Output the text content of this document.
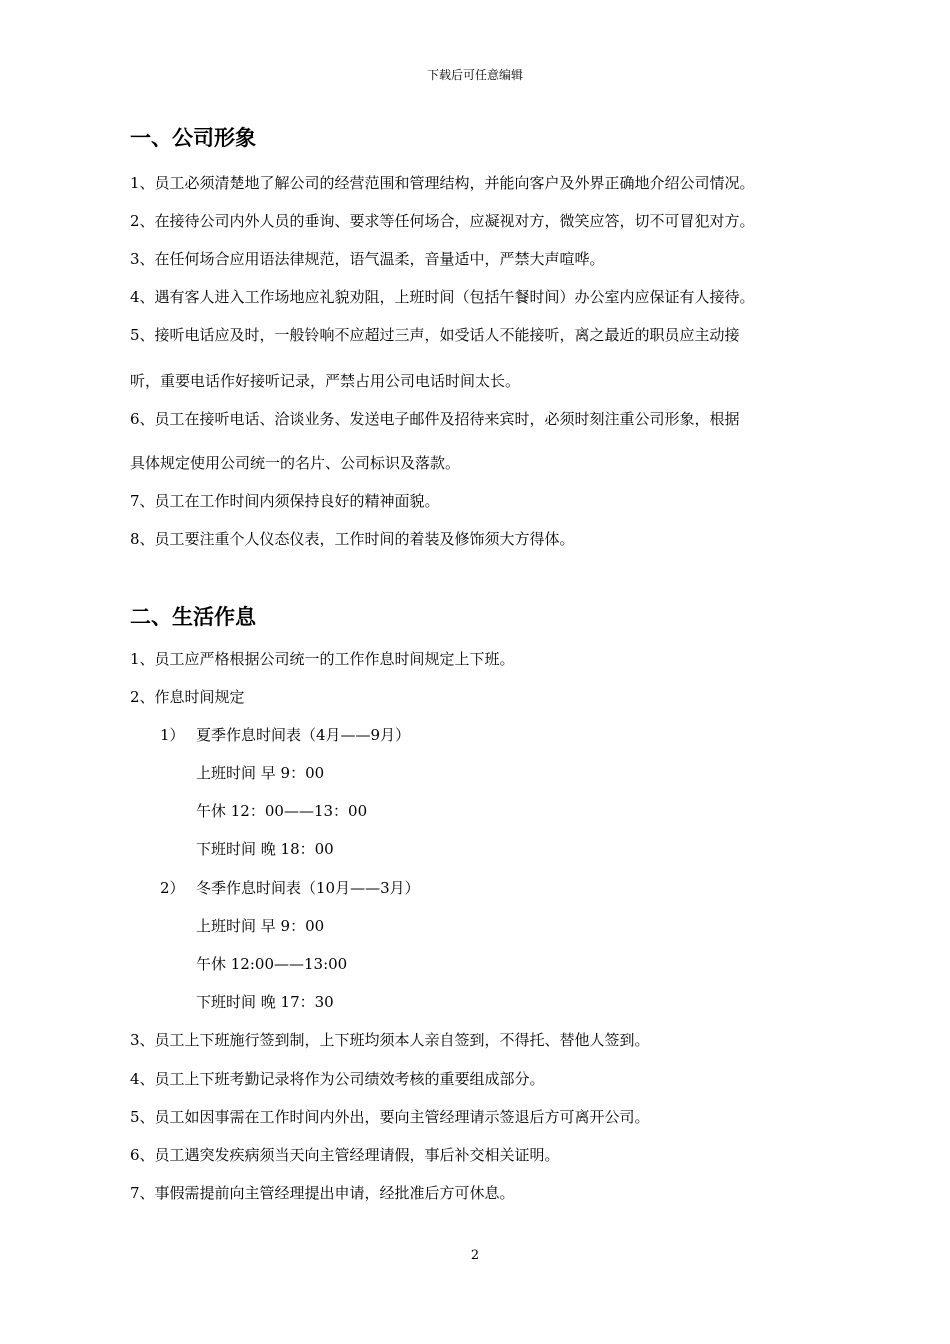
下载后可任意编辑
一、公司形象
1、员工必须清楚地了解公司的经营范围和管理结构，并能向客户及外界正确地介绍公司情况。
2、在接待公司内外人员的垂询、要求等任何场合，应凝视对方，微笑应答，切不可冒犯对方。
3、在任何场合应用语法律规范，语气温柔，音量适中，严禁大声喧哗。
4、遇有客人进入工作场地应礼貌劝阻，上班时间（包括午餐时间）办公室内应保证有人接待。
5、接听电话应及时，一般铃响不应超过三声，如受话人不能接听，离之最近的职员应主动接
听，重要电话作好接听记录，严禁占用公司电话时间太长。
6、员工在接听电话、洽谈业务、发送电子邮件及招待来宾时，必须时刻注重公司形象，根据
具体规定使用公司统一的名片、公司标识及落款。
7、员工在工作时间内须保持良好的精神面貌。
8、员工要注重个人仪态仪表，工作时间的着装及修饰须大方得体。
二、生活作息
1、员工应严格根据公司统一的工作作息时间规定上下班。
2、作息时间规定
1） 夏季作息时间表（4月——9月）
上班时间 早 9：00
午休 12：00——13：00
下班时间 晚 18：00
2） 冬季作息时间表（10月——3月）
上班时间 早 9：00
午休 12:00——13:00
下班时间 晚 17：30
3、员工上下班施行签到制，上下班均须本人亲自签到，不得托、替他人签到。
4、员工上下班考勤记录将作为公司绩效考核的重要组成部分。
5、员工如因事需在工作时间内外出，要向主管经理请示签退后方可离开公司。
6、员工遇突发疾病须当天向主管经理请假，事后补交相关证明。
7、事假需提前向主管经理提出申请，经批准后方可休息。
2
